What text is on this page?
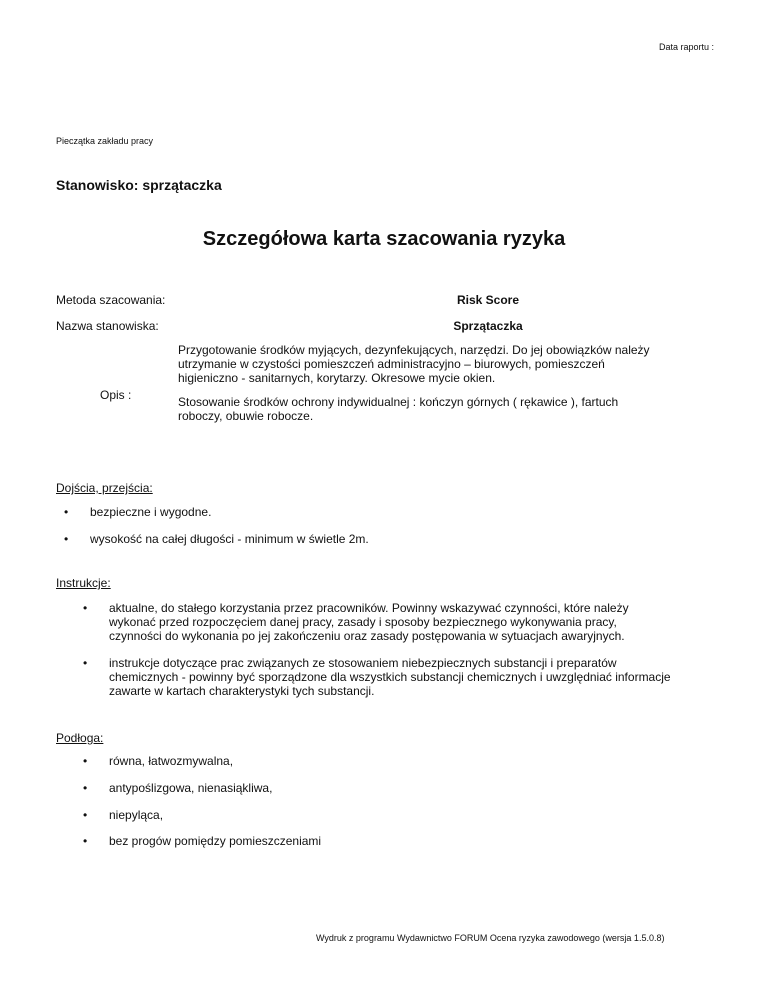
Data raportu :
Pieczątka zakładu pracy
Stanowisko: sprzątaczka
Szczegółowa karta szacowania ryzyka
Metoda szacowania:	Risk Score
Nazwa stanowiska:	Sprzątaczka
Opis :
Przygotowanie środków myjących, dezynfekujących, narzędzi. Do jej obowiązków należy
utrzymanie w czystości pomieszczeń administracyjno – biurowych, pomieszczeń
higieniczno - sanitarnych, korytarzy. Okresowe mycie okien.
Stosowanie środków ochrony indywidualnej : kończyn górnych ( rękawice ), fartuch
roboczy, obuwie robocze.
Dojścia, przejścia:
• bezpieczne i wygodne.
• wysokość na całej długości - minimum w świetle 2m.
Instrukcje:
• aktualne, do stałego korzystania przez pracowników. Powinny wskazywać czynności, które należy
wykonać przed rozpoczęciem danej pracy, zasady i sposoby bezpiecznego wykonywania pracy,
czynności do wykonania po jej zakończeniu oraz zasady postępowania w sytuacjach awaryjnych.
• instrukcje dotyczące prac związanych ze stosowaniem niebezpiecznych substancji i preparatów
chemicznych - powinny być sporządzone dla wszystkich substancji chemicznych i uwzględniać informacje
zawarte w kartach charakterystyki tych substancji.
Podłoga:
• równa, łatwozmywalna,
• antypoślizgowa, nienasiąkliwa,
• niepyląca,
• bez progów pomiędzy pomieszczeniami
Wydruk z programu Wydawnictwo FORUM Ocena ryzyka zawodowego (wersja 1.5.0.8)
